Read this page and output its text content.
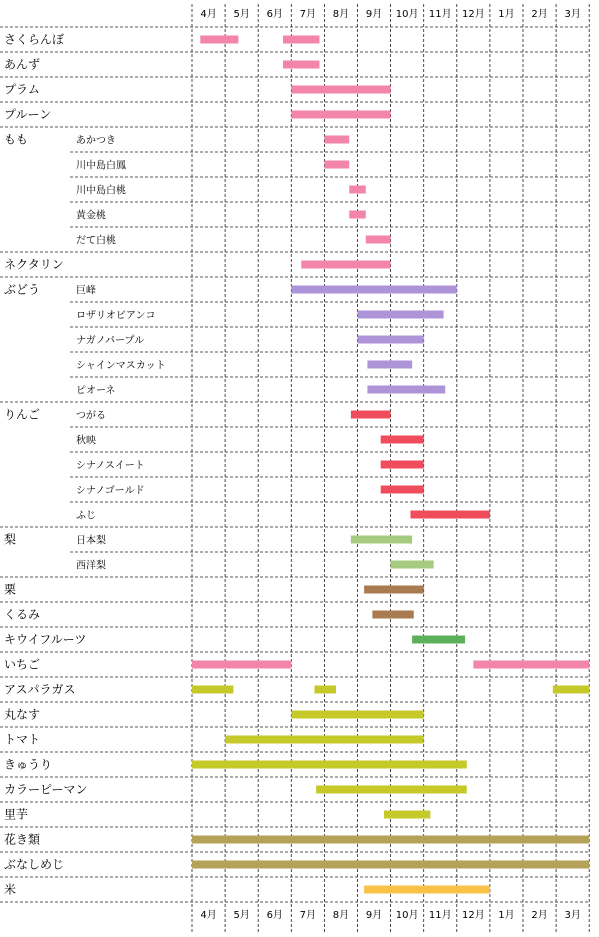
さくらんぼ
あんず
プラム
プルーン
もも	あかつき
川中島白鳳
川中島白桃
黄金桃
だて白桃
ネクタリン
ぶどう	巨峰
ロザリオビアンコ
ナガノパープル
シャインマスカット
ピオーネ
りんご	つがる
秋映
シナノスイート
シナノゴールド
ふじ
梨	日本梨
西洋梨
栗
くるみ
キウイフルーツ
いちご
アスパラガス
丸なす
トマト
きゅうり
カラーピーマン
里芋
花き類
ぶなしめじ
米
4月 5月 6月 7月 8月 9月 10月 11月 12月 1月 2月 3月
4月 5月 6月 7月 8月 9月 10月 11月 12月 1月 2月 3月
